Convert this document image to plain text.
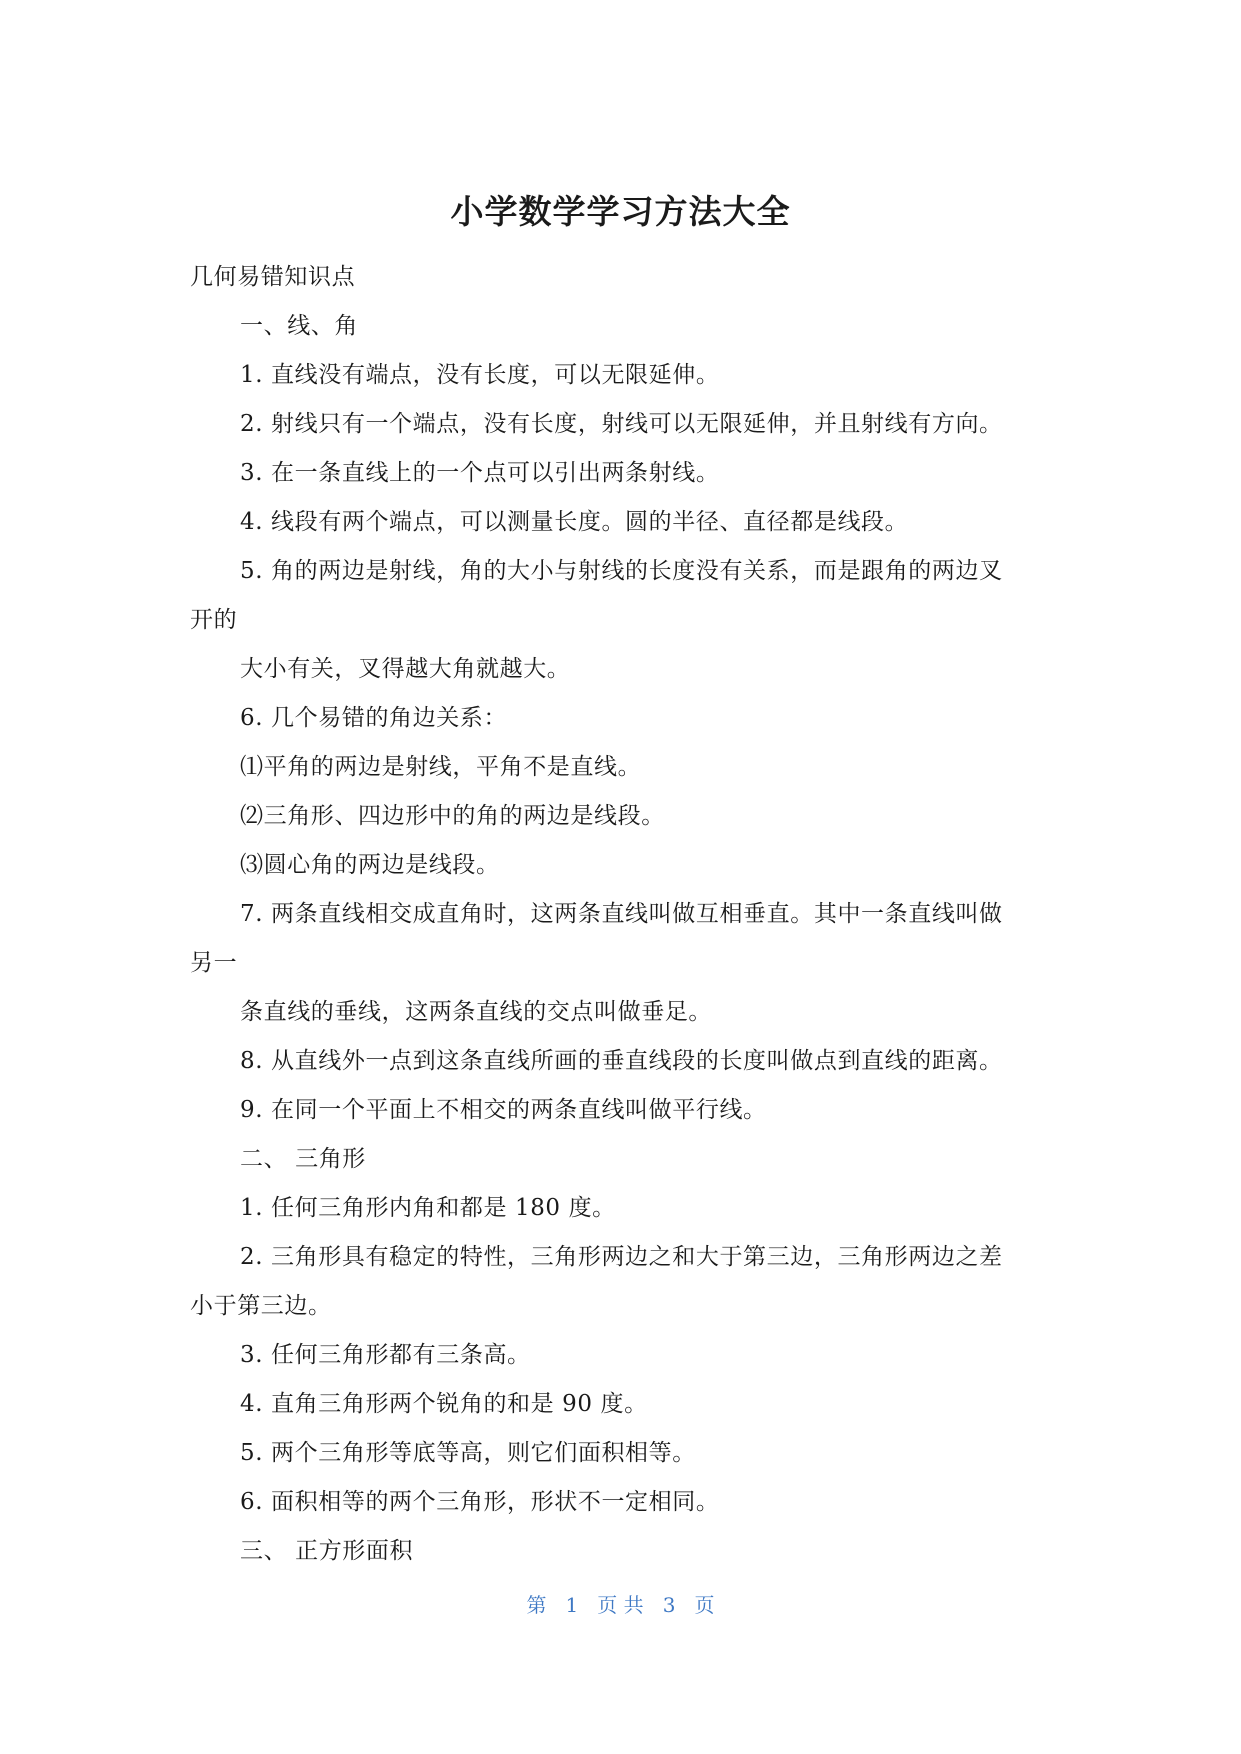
小学数学学习方法大全
几何易错知识点
一、线、角
1. 直线没有端点，没有长度，可以无限延伸。
2. 射线只有一个端点，没有长度，射线可以无限延伸，并且射线有方向。
3. 在一条直线上的一个点可以引出两条射线。
4. 线段有两个端点，可以测量长度。圆的半径、直径都是线段。
5. 角的两边是射线，角的大小与射线的长度没有关系，而是跟角的两边叉
开的
大小有关，叉得越大角就越大。
6. 几个易错的角边关系：
⑴平角的两边是射线，平角不是直线。
⑵三角形、四边形中的角的两边是线段。
⑶圆心角的两边是线段。
7. 两条直线相交成直角时，这两条直线叫做互相垂直。其中一条直线叫做
另一
条直线的垂线，这两条直线的交点叫做垂足。
8. 从直线外一点到这条直线所画的垂直线段的长度叫做点到直线的距离。
9. 在同一个平面上不相交的两条直线叫做平行线。
二、 三角形
1. 任何三角形内角和都是 180 度。
2. 三角形具有稳定的特性，三角形两边之和大于第三边，三角形两边之差
小于第三边。
3. 任何三角形都有三条高。
4. 直角三角形两个锐角的和是 90 度。
5. 两个三角形等底等高，则它们面积相等。
6. 面积相等的两个三角形，形状不一定相同。
三、 正方形面积
第   1   页 共   3   页
